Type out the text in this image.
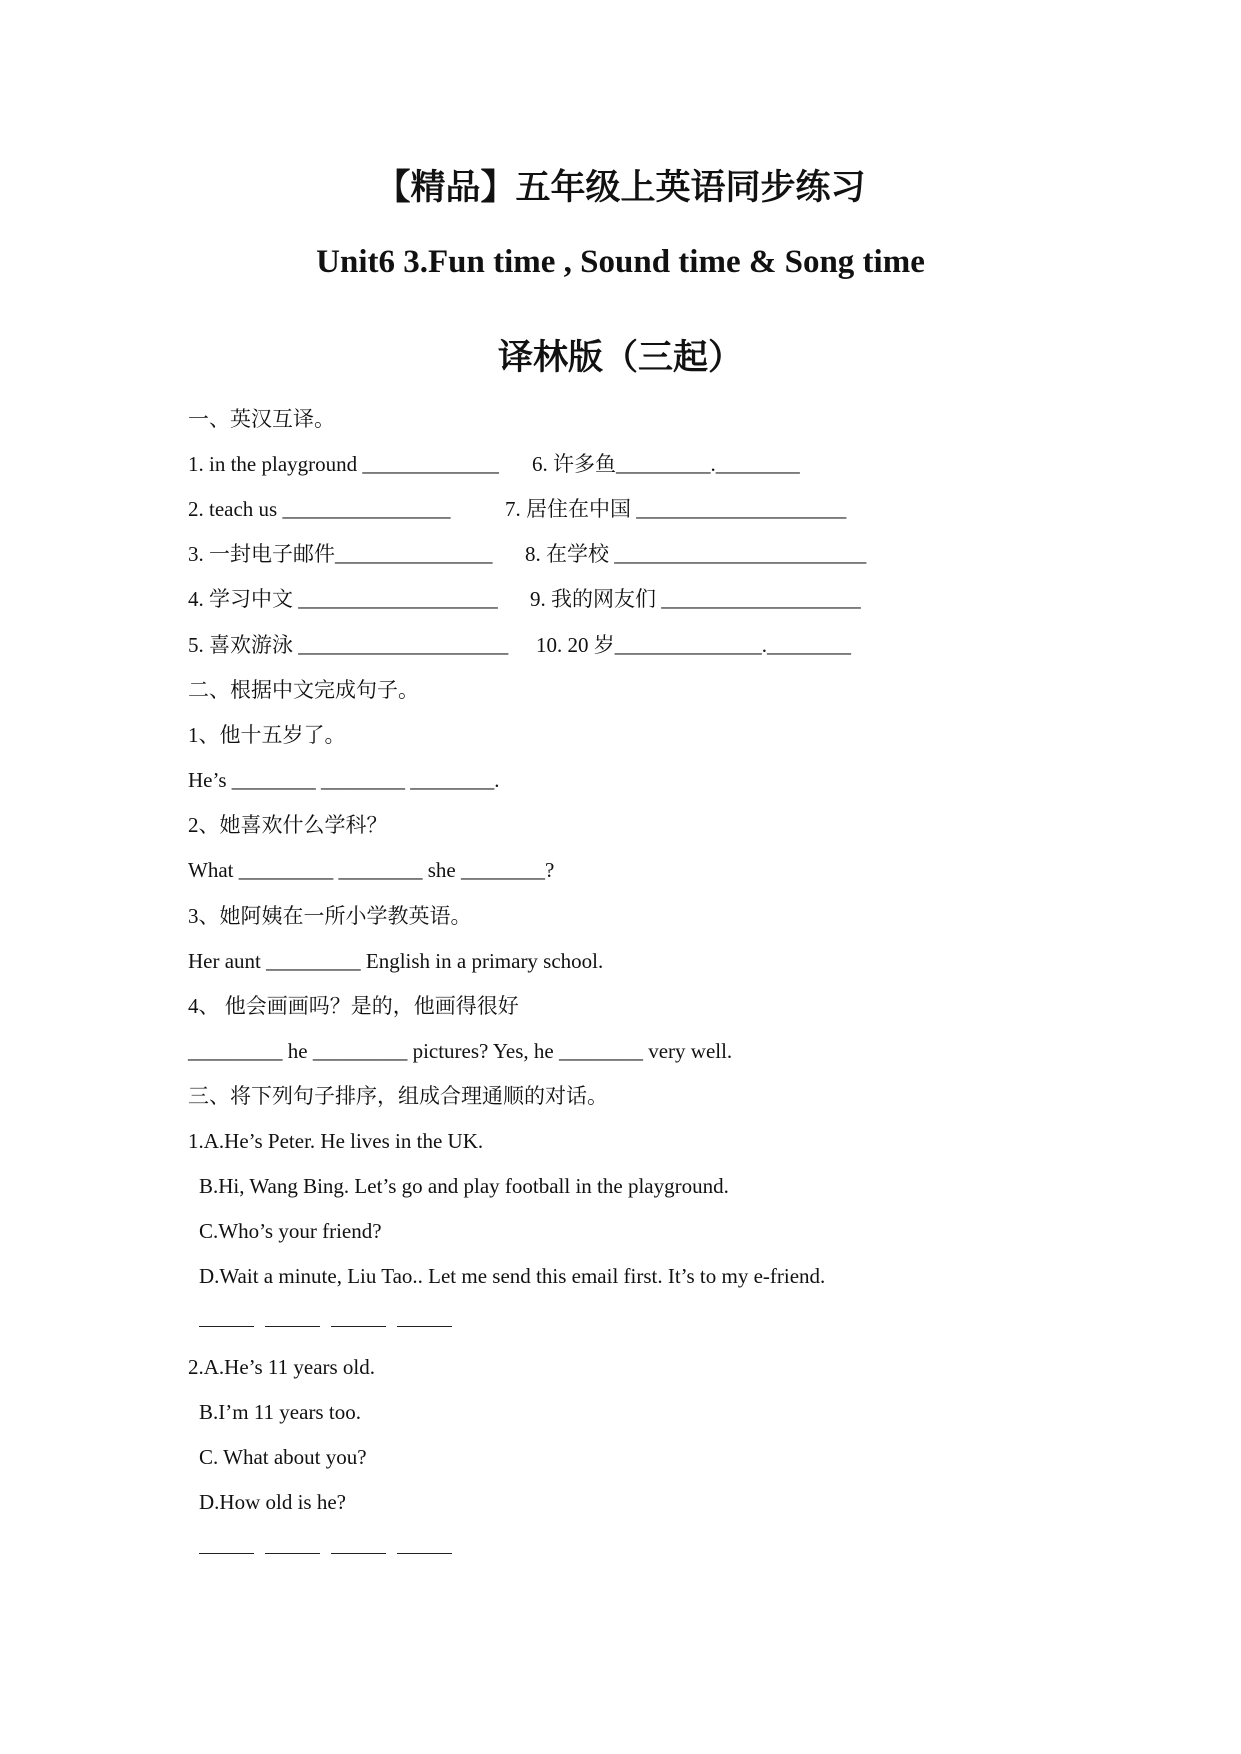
【精品】五年级上英语同步练习
Unit6 3.Fun time , Sound time & Song time
译林版（三起）
一、英汉互译。
1. in the playground _____________ 6. 许多鱼_________.________
2. teach us ________________	7. 居住在中国 ____________________
3. 一封电子邮件_______________ 8. 在学校 ________________________
4. 学习中文 ___________________ 9. 我的网友们 ___________________
5. 喜欢游泳 ____________________ 10. 20 岁______________.________
二、根据中文完成句子。
1、他十五岁了。
He’s ________ ________ ________.
2、她喜欢什么学科？
What _________ ________ she ________?
3、她阿姨在一所小学教英语。
Her aunt _________ English in a primary school.
4、 他会画画吗？是的，他画得很好
_________ he _________ pictures? Yes, he ________ very well.
三、将下列句子排序，组成合理通顺的对话。
1.A.He’s Peter. He lives in the UK.
B.Hi, Wang Bing. Let’s go and play football in the playground.
C.Who’s your friend?
D.Wait a minute, Liu Tao.. Let me send this email first. It’s to my e-friend.
2.A.He’s 11 years old.
B.I’m 11 years too.
C. What about you?
D.How old is he?
